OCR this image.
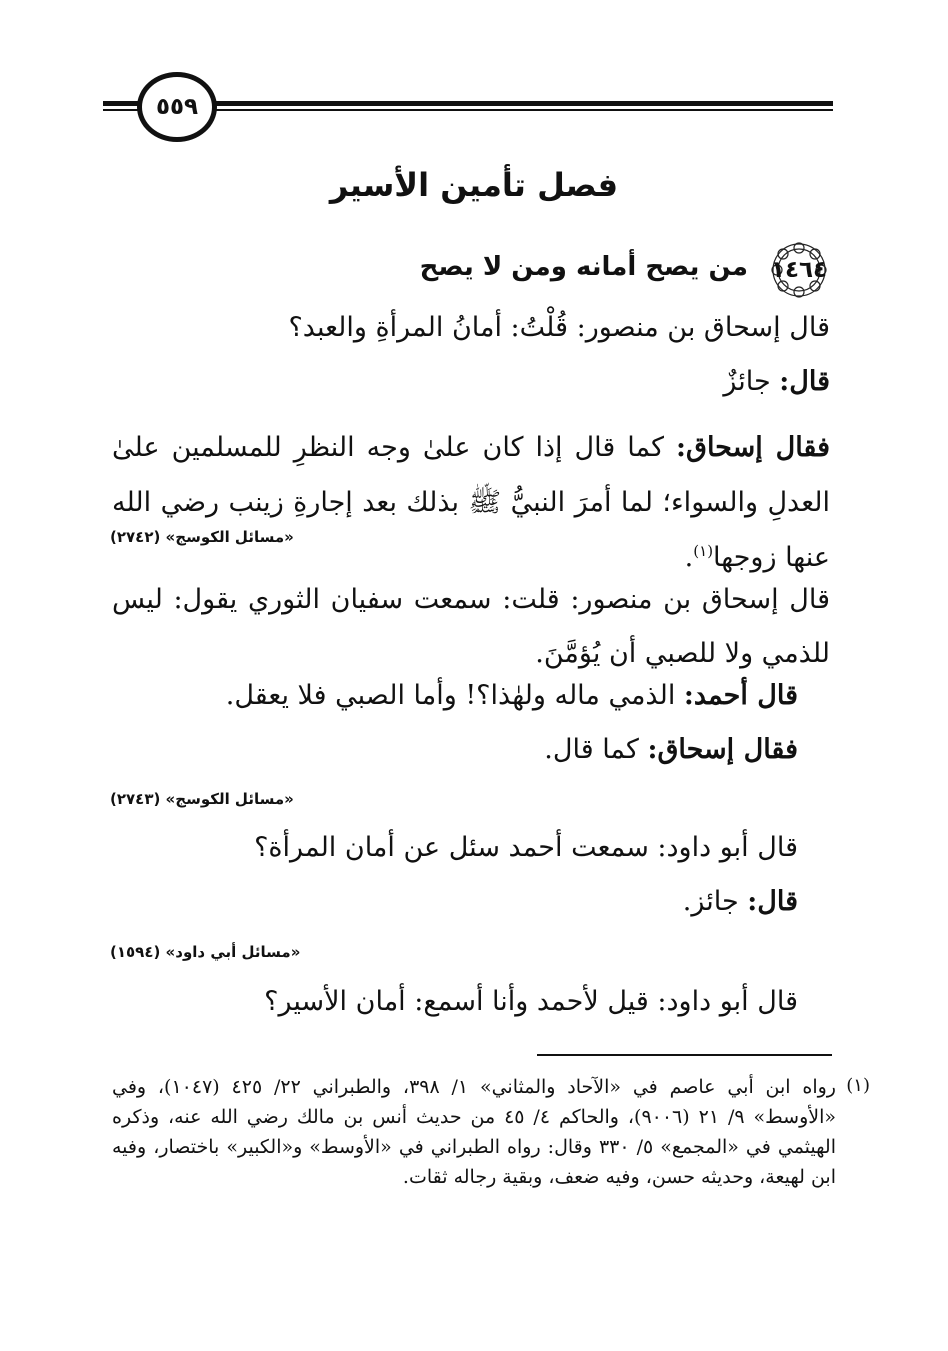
٥٥٩
فصل تأمين الأسير
١٤٦٤
من يصح أمانه ومن لا يصح
قال إسحاق بن منصور: قُلْتُ: أمانُ المرأةِ والعبد؟
قال: جائزٌ
فقال إسحاق: كما قال إذا كان علىٰ وجه النظرِ للمسلمين علىٰ العدلِ والسواء؛ لما أمرَ النبيُّ ﷺ بذلك بعد إجارةِ زينب رضي الله عنها زوجها$^{(١)}$.
«مسائل الكوسج» (٢٧٤٢)
قال إسحاق بن منصور: قلت: سمعت سفيان الثوري يقول: ليس للذمي ولا للصبي أن يُؤمَّنَ.
قال أحمد: الذمي ماله ولهٰذا؟! وأما الصبي فلا يعقل.
فقال إسحاق: كما قال.
«مسائل الكوسج» (٢٧٤٣)
قال أبو داود: سمعت أحمد سئل عن أمان المرأة؟
قال: جائز.
«مسائل أبي داود» (١٥٩٤)
قال أبو داود: قيل لأحمد وأنا أسمع: أمان الأسير؟
(١)
رواه ابن أبي عاصم في «الآحاد والمثاني» ١/ ٣٩٨، والطبراني ٢٢/ ٤٢٥ (١٠٤٧)، وفي «الأوسط» ٩/ ٢١ (٩٠٠٦)، والحاكم ٤/ ٤٥ من حديث أنس بن مالك رضي الله عنه، وذكره الهيثمي في «المجمع» ٥/ ٣٣٠ وقال: رواه الطبراني في «الأوسط» و«الكبير» باختصار، وفيه ابن لهيعة، وحديثه حسن، وفيه ضعف، وبقية رجاله ثقات.
